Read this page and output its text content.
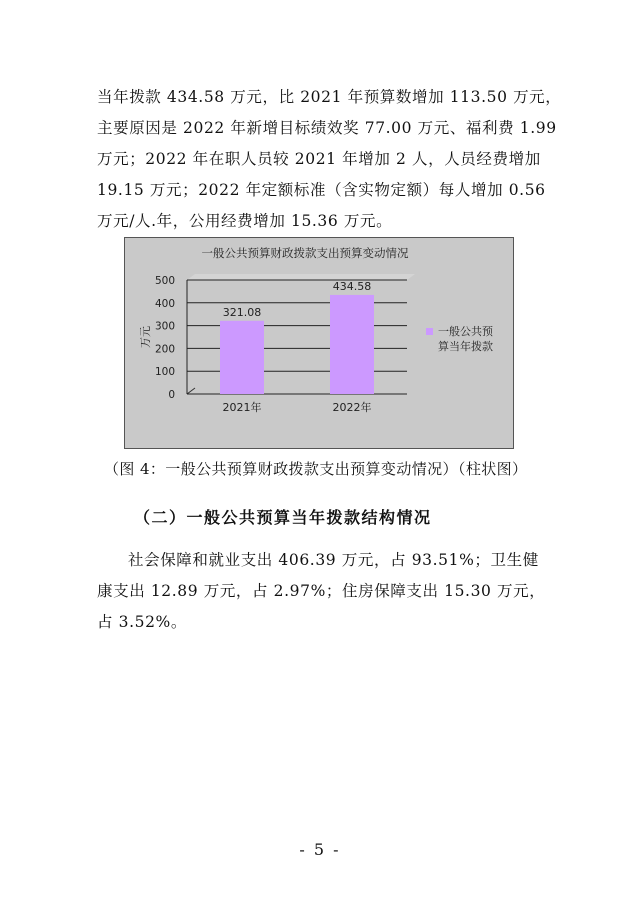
当年拨款 434.58 万元，比 2021 年预算数增加 113.50 万元，
主要原因是 2022 年新增目标绩效奖 77.00 万元、福利费 1.99
万元；2022 年在职人员较 2021 年增加 2 人，人员经费增加
19.15 万元；2022 年定额标准（含实物定额）每人增加 0.56
万元/人.年，公用经费增加 15.36 万元。
一般公共预算财政拨款支出预算变动情况
0
100
200
300
400
500
万元
321.08
2021年
434.58
2022年
一般公共预
算当年拨款
（图 4：一般公共预算财政拨款支出预算变动情况）（柱状图）
（二）一般公共预算当年拨款结构情况
社会保障和就业支出 406.39 万元，占 93.51%；卫生健
康支出 12.89 万元，占 2.97%；住房保障支出 15.30 万元，
占 3.52%。
- 5 -
